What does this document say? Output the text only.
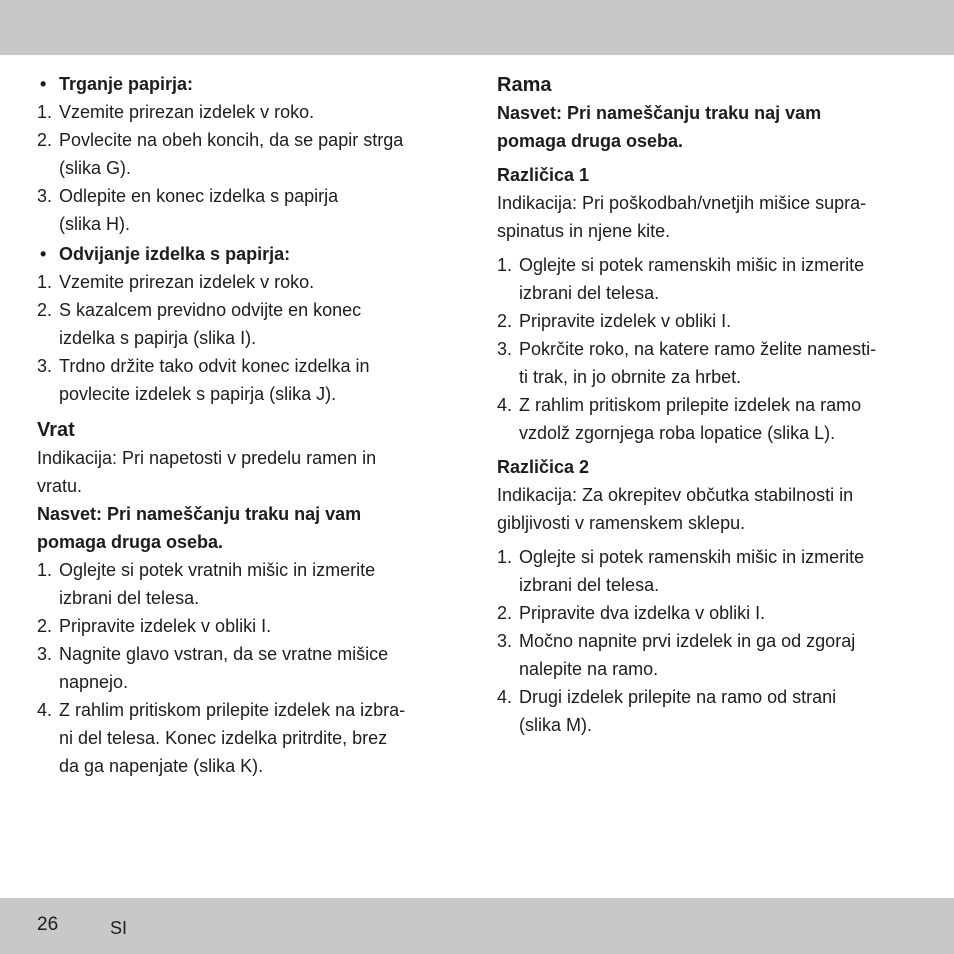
• Trganje papirja:
1. Vzemite prirezan izdelek v roko.
2. Povlecite na obeh koncih, da se papir strga
(slika G).
3. Odlepite en konec izdelka s papirja
(slika H).
• Odvijanje izdelka s papirja:
1. Vzemite prirezan izdelek v roko.
2. S kazalcem previdno odvijte en konec
izdelka s papirja (slika I).
3. Trdno držite tako odvit konec izdelka in
povlecite izdelek s papirja (slika J).
Vrat
Indikacija: Pri napetosti v predelu ramen in
vratu.
Nasvet: Pri nameščanju traku naj vam
pomaga druga oseba.
1. Oglejte si potek vratnih mišic in izmerite
izbrani del telesa.
2. Pripravite izdelek v obliki I.
3. Nagnite glavo vstran, da se vratne mišice
napnejo.
4. Z rahlim pritiskom prilepite izdelek na izbra-
ni del telesa. Konec izdelka pritrdite, brez
da ga napenjate (slika K).
Rama
Nasvet: Pri nameščanju traku naj vam
pomaga druga oseba.
Različica 1
Indikacija: Pri poškodbah/vnetjih mišice supra-
spinatus in njene kite.
1. Oglejte si potek ramenskih mišic in izmerite
izbrani del telesa.
2. Pripravite izdelek v obliki I.
3. Pokrčite roko, na katere ramo želite namesti-
ti trak, in jo obrnite za hrbet.
4. Z rahlim pritiskom prilepite izdelek na ramo
vzdolž zgornjega roba lopatice (slika L).
Različica 2
Indikacija: Za okrepitev občutka stabilnosti in
gibljivosti v ramenskem sklepu.
1. Oglejte si potek ramenskih mišic in izmerite
izbrani del telesa.
2. Pripravite dva izdelka v obliki I.
3. Močno napnite prvi izdelek in ga od zgoraj
nalepite na ramo.
4. Drugi izdelek prilepite na ramo od strani
(slika M).
26	SI
